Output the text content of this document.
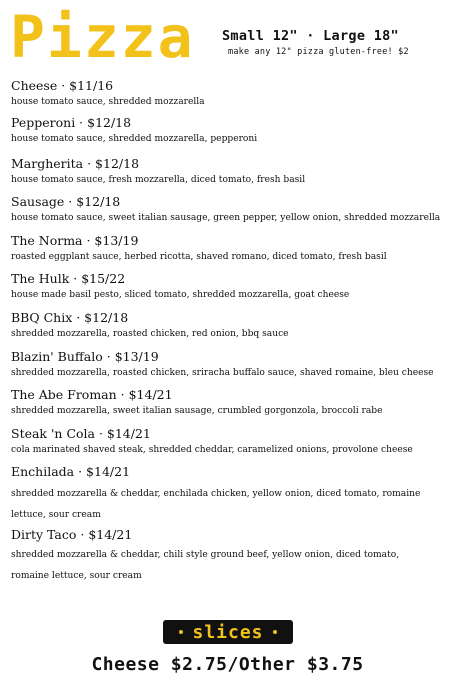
Pizza Small 12" · Large 18"
make any 12" pizza gluten-free! $2
Cheese · $11/16
house tomato sauce, shredded mozzarella
Pepperoni · $12/18
house tomato sauce, shredded mozzarella, pepperoni
Margherita · $12/18
house tomato sauce, fresh mozzarella, diced tomato, fresh basil
Sausage · $12/18
house tomato sauce, sweet italian sausage, green pepper, yellow onion, shredded mozzarella
The Norma · $13/19
roasted eggplant sauce, herbed ricotta, shaved romano, diced tomato, fresh basil
The Hulk · $15/22
house made basil pesto, sliced tomato, shredded mozzarella, goat cheese
BBQ Chix · $12/18
shredded mozzarella, roasted chicken, red onion, bbq sauce
Blazin' Buffalo · $13/19
shredded mozzarella, roasted chicken, sriracha buffalo sauce, shaved romaine, bleu cheese
The Abe Froman · $14/21
shredded mozzarella, sweet italian sausage, crumbled gorgonzola, broccoli rabe
Steak 'n Cola · $14/21
cola marinated shaved steak, shredded cheddar, caramelized onions, provolone cheese
Enchilada · $14/21
shredded mozzarella & cheddar, enchilada chicken, yellow onion, diced tomato, romaine lettuce, sour cream
Dirty Taco · $14/21
shredded mozzarella & cheddar, chili style ground beef, yellow onion, diced tomato, romaine lettuce, sour cream
slices
Cheese $2.75/Other $3.75
